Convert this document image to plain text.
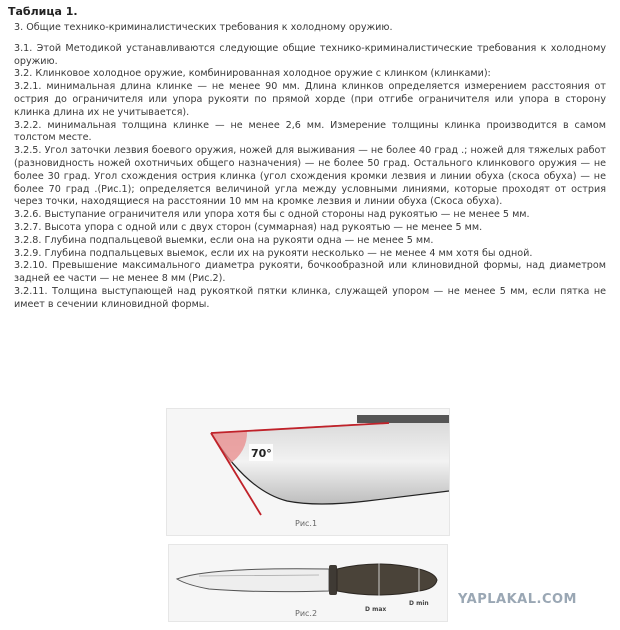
Таблица 1.

3. Общие технико-криминалистических требования к холодному оружию.

3.1. Этой Методикой устанавливаются следующие общие технико-криминалистические требования к холодному оружию.

3.2. Клинковое холодное оружие, комбинированная холодное оружие с клинком (клинками):

3.2.1. минимальная длина клинке — не менее 90 мм. Длина клинков определяется измерением расстояния от острия до ограничителя или упора рукояти по прямой хорде (при отгибе ограничителя или упора в сторону клинка длина их не учитывается).

3.2.2. минимальная толщина клинке — не менее 2,6 мм. Измерение толщины клинка производится в самом толстом месте.

3.2.5. Угол заточки лезвия боевого оружия, ножей для выживания — не более 40 град .; ножей для тяжелых работ (разновидность ножей охотничьих общего назначения) — не более 50 град. Остального клинкового оружия — не более 30 град. Угол схождения острия клинка (угол схождения кромки лезвия и линии обуха (скоса обуха) — не более 70 град .(Рис.1); определяется величиной угла между условными линиями, которые проходят от острия через точки, находящиеся на расстоянии 10 мм на кромке лезвия и линии обуха (Скоса обуха).

3.2.6. Выступание ограничителя или упора хотя бы с одной стороны над рукоятью — не менее 5 мм.

3.2.7. Высота упора с одной или с двух сторон (суммарная) над рукоятью — не менее 5 мм.

3.2.8. Глубина подпальцевой выемки, если она на рукояти одна — не менее 5 мм.

3.2.9. Глубина подпальцевых выемок, если их на рукояти несколько — не менее 4 мм хотя бы одной.

3.2.10. Превышение максимального диаметра рукояти, бочкообразной или клиновидной формы, над диаметром задней ее части — не менее 8 мм (Рис.2).

3.2.11. Толщина выступающей над рукояткой пятки клинка, служащей упором — не менее 5 мм, если пятка не имеет в сечении клиновидной формы.

70°
Рис.1
D max
D min
Рис.2
YAPLAKAL.COM
